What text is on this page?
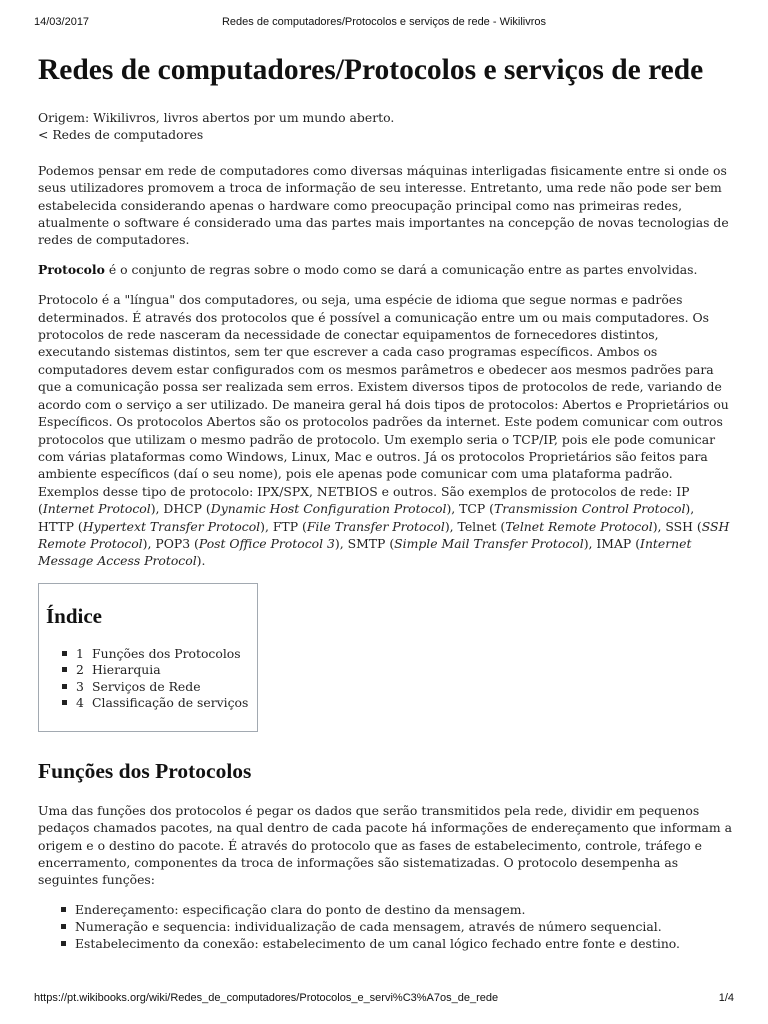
14/03/2017	Redes de computadores/Protocolos e serviços de rede - Wikilivros
Redes de computadores/Protocolos e serviços de rede
Origem: Wikilivros, livros abertos por um mundo aberto.
< Redes de computadores

Podemos pensar em rede de computadores como diversas máquinas interligadas fisicamente entre si onde os seus utilizadores promovem a troca de informação de seu interesse. Entretanto, uma rede não pode ser bem estabelecida considerando apenas o hardware como preocupação principal como nas primeiras redes, atualmente o software é considerado uma das partes mais importantes na concepção de novas tecnologias de redes de computadores.

Protocolo é o conjunto de regras sobre o modo como se dará a comunicação entre as partes envolvidas.

Protocolo é a "língua" dos computadores, ou seja, uma espécie de idioma que segue normas e padrões determinados. É através dos protocolos que é possível a comunicação entre um ou mais computadores. Os protocolos de rede nasceram da necessidade de conectar equipamentos de fornecedores distintos, executando sistemas distintos, sem ter que escrever a cada caso programas específicos. Ambos os computadores devem estar configurados com os mesmos parâmetros e obedecer aos mesmos padrões para que a comunicação possa ser realizada sem erros. Existem diversos tipos de protocolos de rede, variando de acordo com o serviço a ser utilizado. De maneira geral há dois tipos de protocolos: Abertos e Proprietários ou Específicos. Os protocolos Abertos são os protocolos padrões da internet. Este podem comunicar com outros protocolos que utilizam o mesmo padrão de protocolo. Um exemplo seria o TCP/IP, pois ele pode comunicar com várias plataformas como Windows, Linux, Mac e outros. Já os protocolos Proprietários são feitos para ambiente específicos (daí o seu nome), pois ele apenas pode comunicar com uma plataforma padrão. Exemplos desse tipo de protocolo: IPX/SPX, NETBIOS e outros. São exemplos de protocolos de rede: IP (Internet Protocol), DHCP (Dynamic Host Configuration Protocol), TCP (Transmission Control Protocol), HTTP (Hypertext Transfer Protocol), FTP (File Transfer Protocol), Telnet (Telnet Remote Protocol), SSH (SSH Remote Protocol), POP3 (Post Office Protocol 3), SMTP (Simple Mail Transfer Protocol), IMAP (Internet Message Access Protocol).

Índice
1 Funções dos Protocolos
2 Hierarquia
3 Serviços de Rede
4 Classificação de serviços
Funções dos Protocolos

Uma das funções dos protocolos é pegar os dados que serão transmitidos pela rede, dividir em pequenos pedaços chamados pacotes, na qual dentro de cada pacote há informações de endereçamento que informam a origem e o destino do pacote. É através do protocolo que as fases de estabelecimento, controle, tráfego e encerramento, componentes da troca de informações são sistematizadas. O protocolo desempenha as seguintes funções:

Endereçamento: especificação clara do ponto de destino da mensagem.
Numeração e sequencia: individualização de cada mensagem, através de número sequencial.
Estabelecimento da conexão: estabelecimento de um canal lógico fechado entre fonte e destino.
https://pt.wikibooks.org/wiki/Redes_de_computadores/Protocolos_e_servi%C3%A7os_de_rede	1/4
